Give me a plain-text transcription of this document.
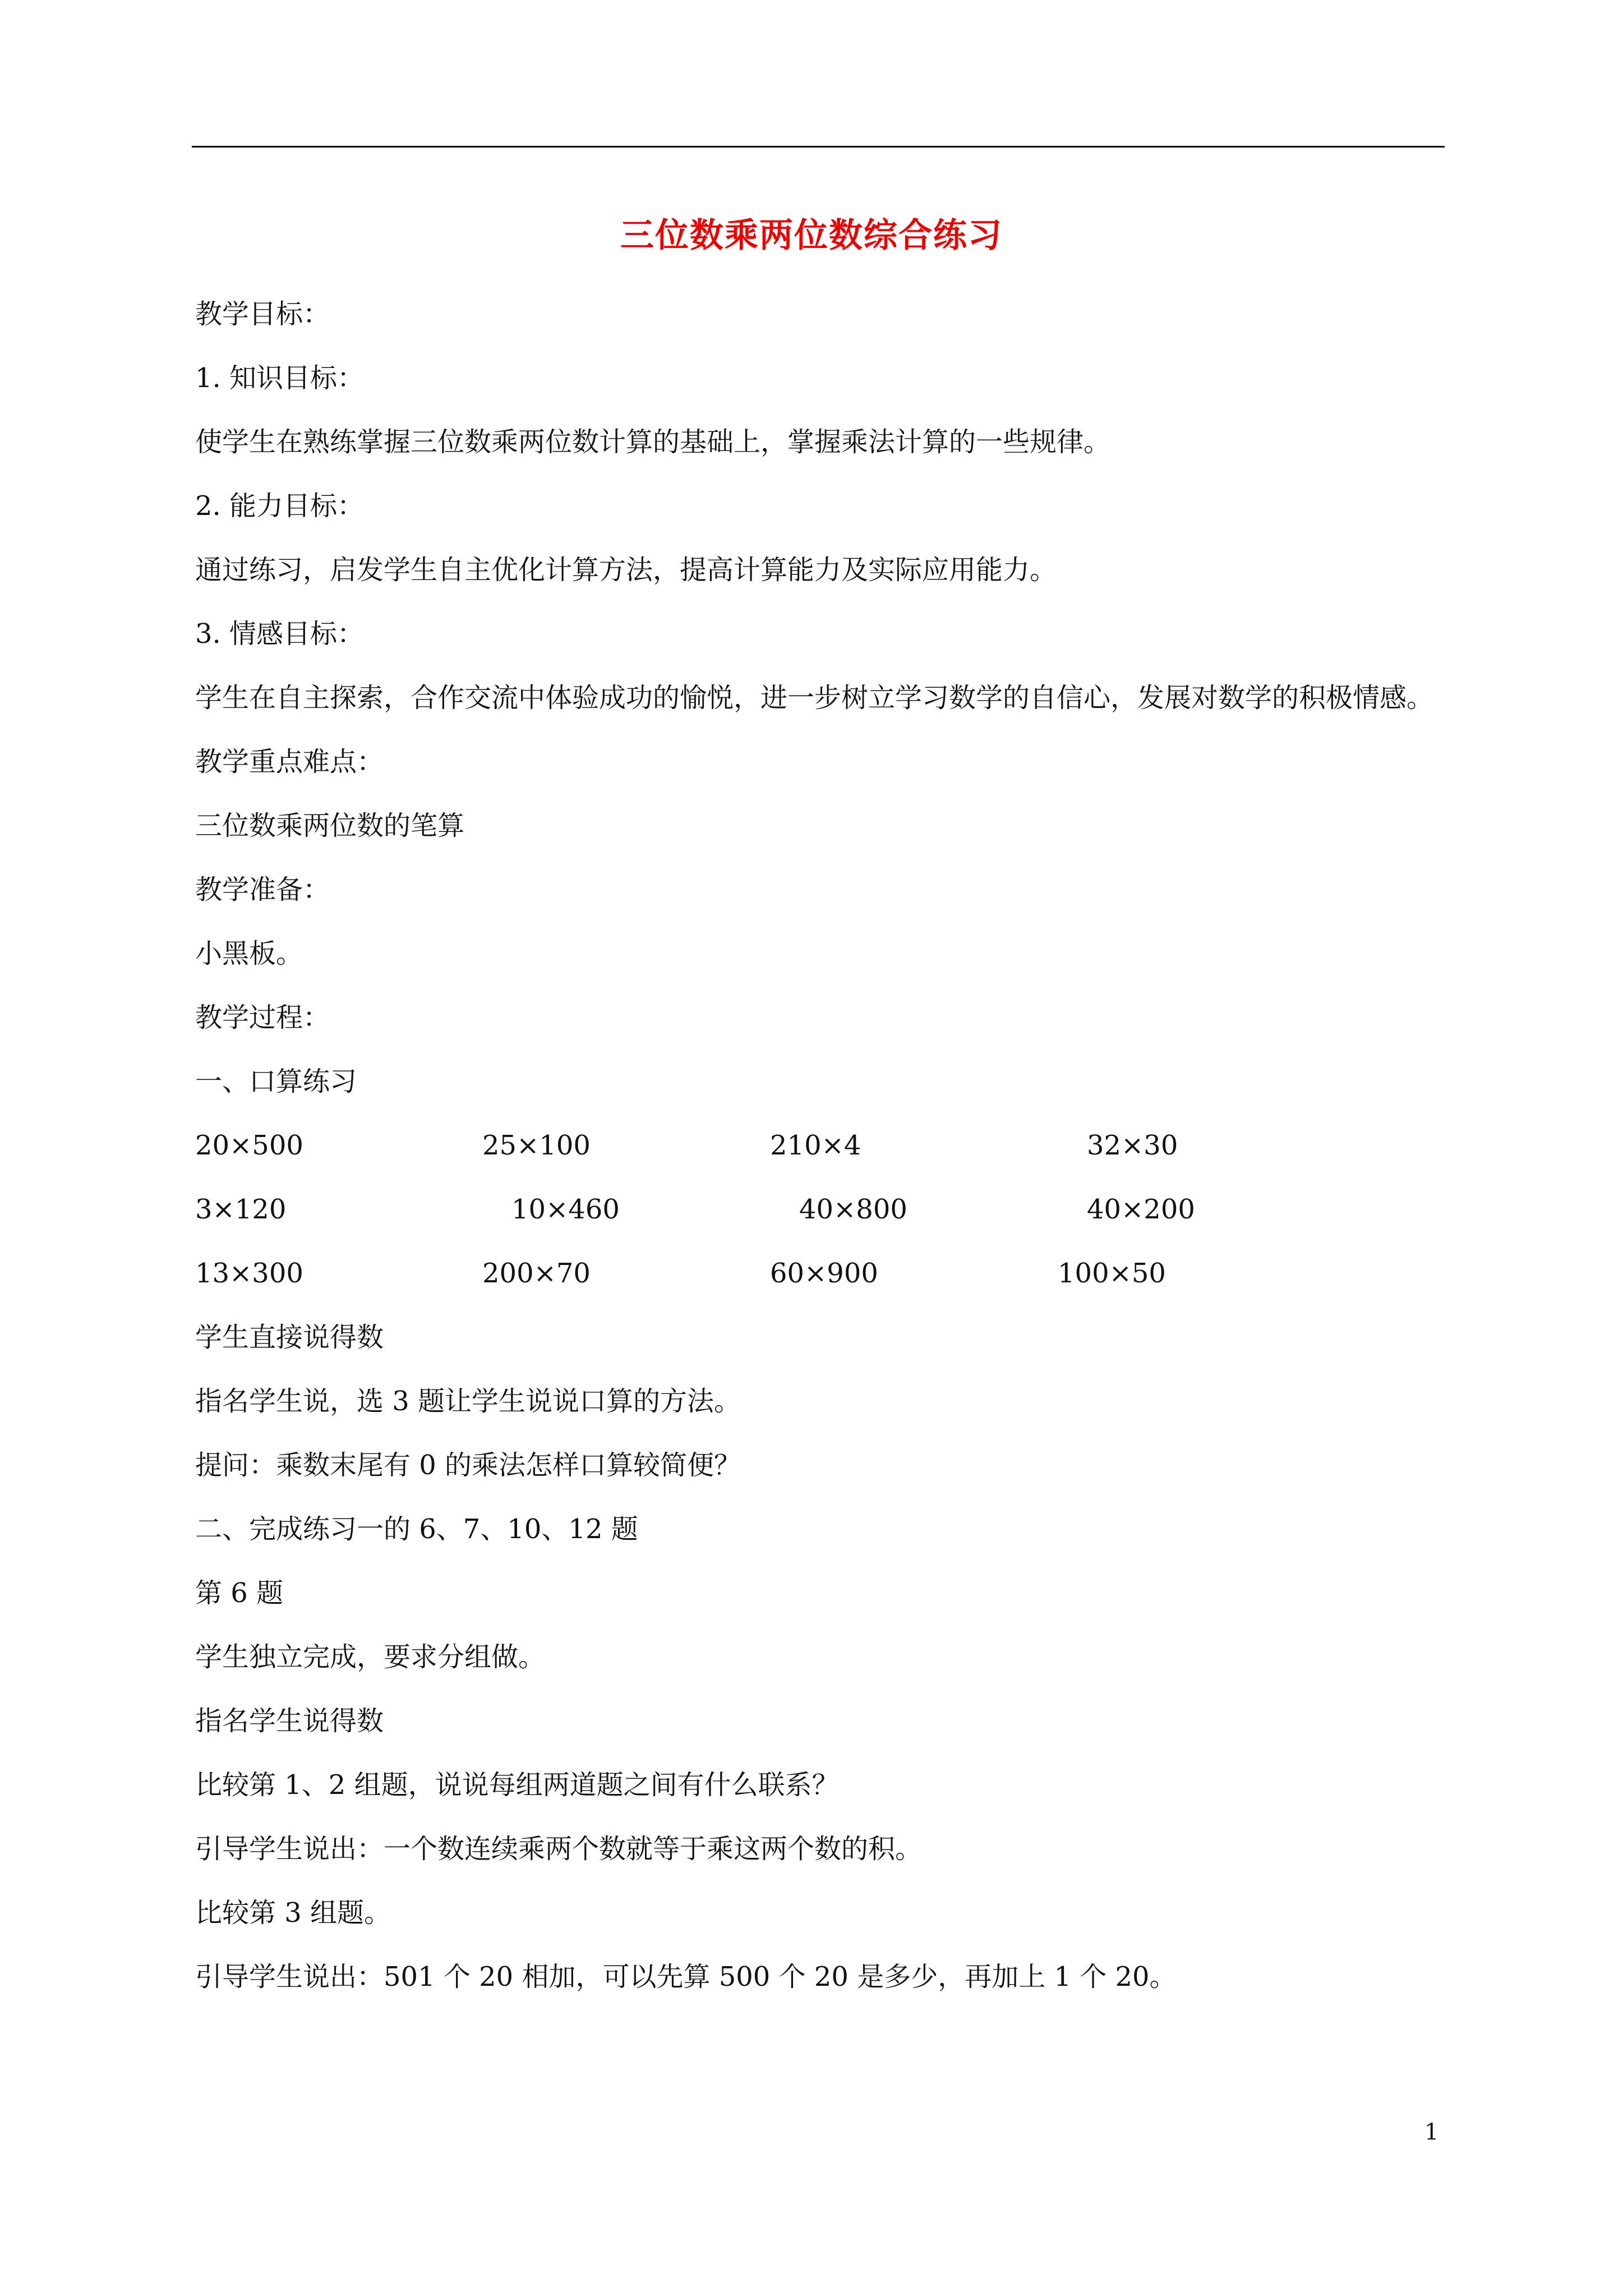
三位数乘两位数综合练习
教学目标：
1. 知识目标：
使学生在熟练掌握三位数乘两位数计算的基础上，掌握乘法计算的一些规律。
2. 能力目标：
通过练习，启发学生自主优化计算方法，提高计算能力及实际应用能力。
3. 情感目标：
学生在自主探索，合作交流中体验成功的愉悦，进一步树立学习数学的自信心，发展对数学的积极情感。
教学重点难点：
三位数乘两位数的笔算
教学准备：
小黑板。
教学过程：
一、口算练习
20×500	25×100	210×4	32×30
3×120	10×460	40×800	40×200
13×300	200×70	60×900	100×50
学生直接说得数
指名学生说，选 3 题让学生说说口算的方法。
提问：乘数末尾有 0 的乘法怎样口算较简便？
二、完成练习一的 6、7、10、12 题
第 6 题
学生独立完成，要求分组做。
指名学生说得数
比较第 1、2 组题，说说每组两道题之间有什么联系？
引导学生说出：一个数连续乘两个数就等于乘这两个数的积。
比较第 3 组题。
引导学生说出：501 个 20 相加，可以先算 500 个 20 是多少，再加上 1 个 20。
1
